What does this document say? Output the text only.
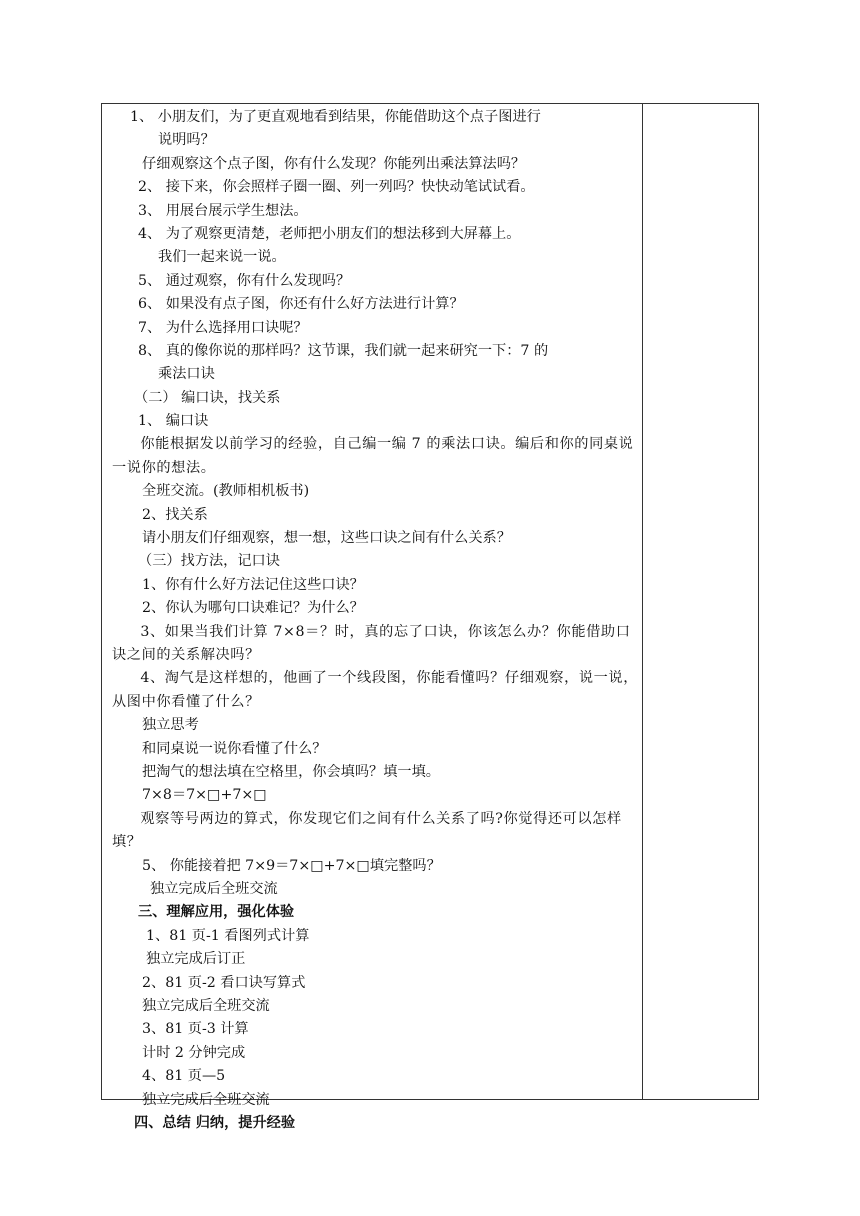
1、 小朋友们，为了更直观地看到结果，你能借助这个点子图进行
说明吗？
仔细观察这个点子图，你有什么发现？你能列出乘法算法吗？
2、 接下来，你会照样子圈一圈、列一列吗？快快动笔试试看。
3、 用展台展示学生想法。
4、 为了观察更清楚，老师把小朋友们的想法移到大屏幕上。
我们一起来说一说。
5、 通过观察，你有什么发现吗？
6、 如果没有点子图，你还有什么好方法进行计算？
7、 为什么选择用口诀呢？
8、 真的像你说的那样吗？这节课，我们就一起来研究一下：7 的
乘法口诀
（二） 编口诀，找关系
1、 编口诀
你能根据发以前学习的经验，自己编一编 7 的乘法口诀。编后和你的同桌说一说你的想法。
全班交流。(教师相机板书)
2、找关系
请小朋友们仔细观察，想一想，这些口诀之间有什么关系？
（三）找方法，记口诀
1、你有什么好方法记住这些口诀？
2、你认为哪句口诀难记？为什么？
3、如果当我们计算 7×8＝？时，真的忘了口诀，你该怎么办？你能借助口诀之间的关系解决吗？
4、淘气是这样想的，他画了一个线段图，你能看懂吗？仔细观察，说一说，从图中你看懂了什么？
独立思考
和同桌说一说你看懂了什么？
把淘气的想法填在空格里，你会填吗？填一填。
7×8＝7×□+7×□
观察等号两边的算式，你发现它们之间有什么关系了吗?你觉得还可以怎样填？
5、 你能接着把 7×9＝7×□+7×□填完整吗？
独立完成后全班交流
三、理解应用，强化体验
1、81 页-1 看图列式计算
独立完成后订正
2、81 页-2 看口诀写算式
独立完成后全班交流
3、81 页-3 计算
计时 2 分钟完成
4、81 页—5
独立完成后全班交流
四、总结 归纳，提升经验
